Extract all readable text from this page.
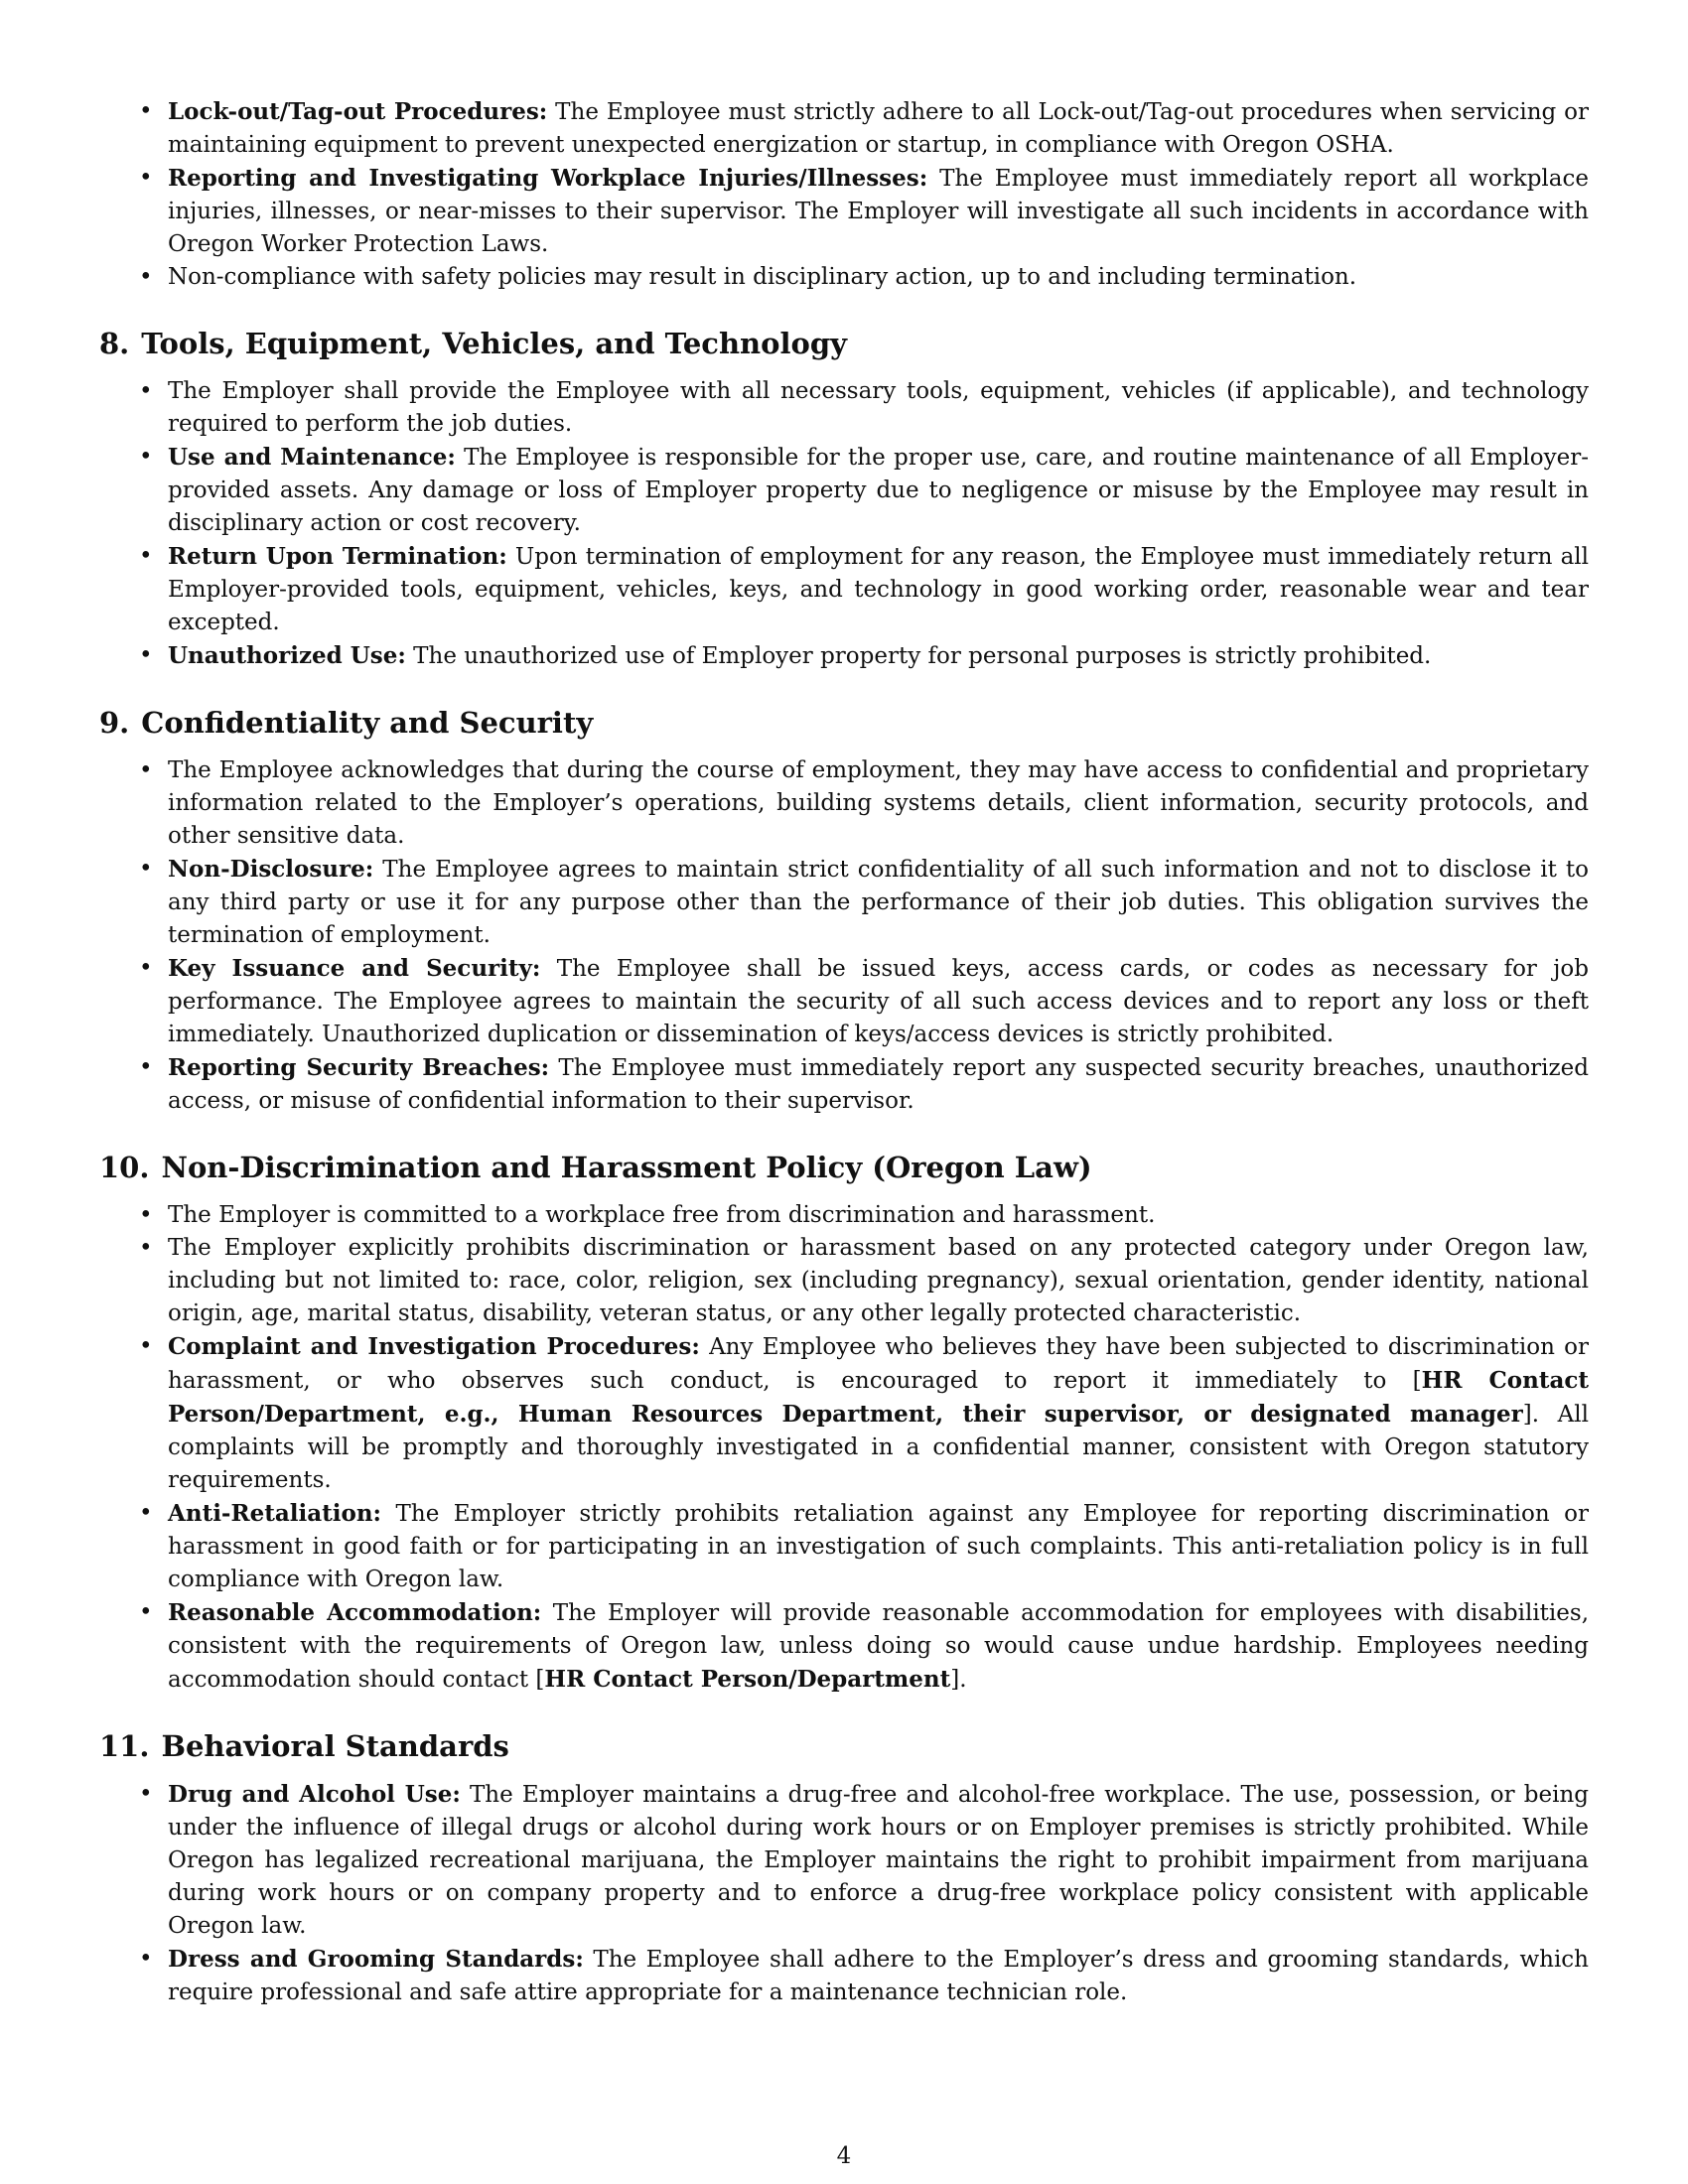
• Lock-out/Tag-out Procedures: The Employee must strictly adhere to all Lock-out/Tag-out procedures when servicing or maintaining equipment to prevent unexpected energization or startup, in compliance with Oregon OSHA.
• Reporting and Investigating Workplace Injuries/Illnesses: The Employee must immediately report all workplace injuries, illnesses, or near-misses to their supervisor. The Employer will investigate all such incidents in accordance with Oregon Worker Protection Laws.
• Non-compliance with safety policies may result in disciplinary action, up to and including termination.
8. Tools, Equipment, Vehicles, and Technology
• The Employer shall provide the Employee with all necessary tools, equipment, vehicles (if applicable), and technology required to perform the job duties.
• Use and Maintenance: The Employee is responsible for the proper use, care, and routine maintenance of all Employer-provided assets. Any damage or loss of Employer property due to negligence or misuse by the Employee may result in disciplinary action or cost recovery.
• Return Upon Termination: Upon termination of employment for any reason, the Employee must immediately return all Employer-provided tools, equipment, vehicles, keys, and technology in good working order, reasonable wear and tear excepted.
• Unauthorized Use: The unauthorized use of Employer property for personal purposes is strictly prohibited.
9. Confidentiality and Security
• The Employee acknowledges that during the course of employment, they may have access to confidential and proprietary information related to the Employer’s operations, building systems details, client information, security protocols, and other sensitive data.
• Non-Disclosure: The Employee agrees to maintain strict confidentiality of all such information and not to disclose it to any third party or use it for any purpose other than the performance of their job duties. This obligation survives the termination of employment.
• Key Issuance and Security: The Employee shall be issued keys, access cards, or codes as necessary for job performance. The Employee agrees to maintain the security of all such access devices and to report any loss or theft immediately. Unauthorized duplication or dissemination of keys/access devices is strictly prohibited.
• Reporting Security Breaches: The Employee must immediately report any suspected security breaches, unauthorized access, or misuse of confidential information to their supervisor.
10. Non-Discrimination and Harassment Policy (Oregon Law)
• The Employer is committed to a workplace free from discrimination and harassment.
• The Employer explicitly prohibits discrimination or harassment based on any protected category under Oregon law, including but not limited to: race, color, religion, sex (including pregnancy), sexual orientation, gender identity, national origin, age, marital status, disability, veteran status, or any other legally protected characteristic.
• Complaint and Investigation Procedures: Any Employee who believes they have been subjected to discrimination or harassment, or who observes such conduct, is encouraged to report it immediately to [HR Contact Person/Department, e.g., Human Resources Department, their supervisor, or designated manager]. All complaints will be promptly and thoroughly investigated in a confidential manner, consistent with Oregon statutory requirements.
• Anti-Retaliation: The Employer strictly prohibits retaliation against any Employee for reporting discrimination or harassment in good faith or for participating in an investigation of such complaints. This anti-retaliation policy is in full compliance with Oregon law.
• Reasonable Accommodation: The Employer will provide reasonable accommodation for employees with disabilities, consistent with the requirements of Oregon law, unless doing so would cause undue hardship. Employees needing accommodation should contact [HR Contact Person/Department].
11. Behavioral Standards
• Drug and Alcohol Use: The Employer maintains a drug-free and alcohol-free workplace. The use, possession, or being under the influence of illegal drugs or alcohol during work hours or on Employer premises is strictly prohibited. While Oregon has legalized recreational marijuana, the Employer maintains the right to prohibit impairment from marijuana during work hours or on company property and to enforce a drug-free workplace policy consistent with applicable Oregon law.
• Dress and Grooming Standards: The Employee shall adhere to the Employer’s dress and grooming standards, which require professional and safe attire appropriate for a maintenance technician role.
4
